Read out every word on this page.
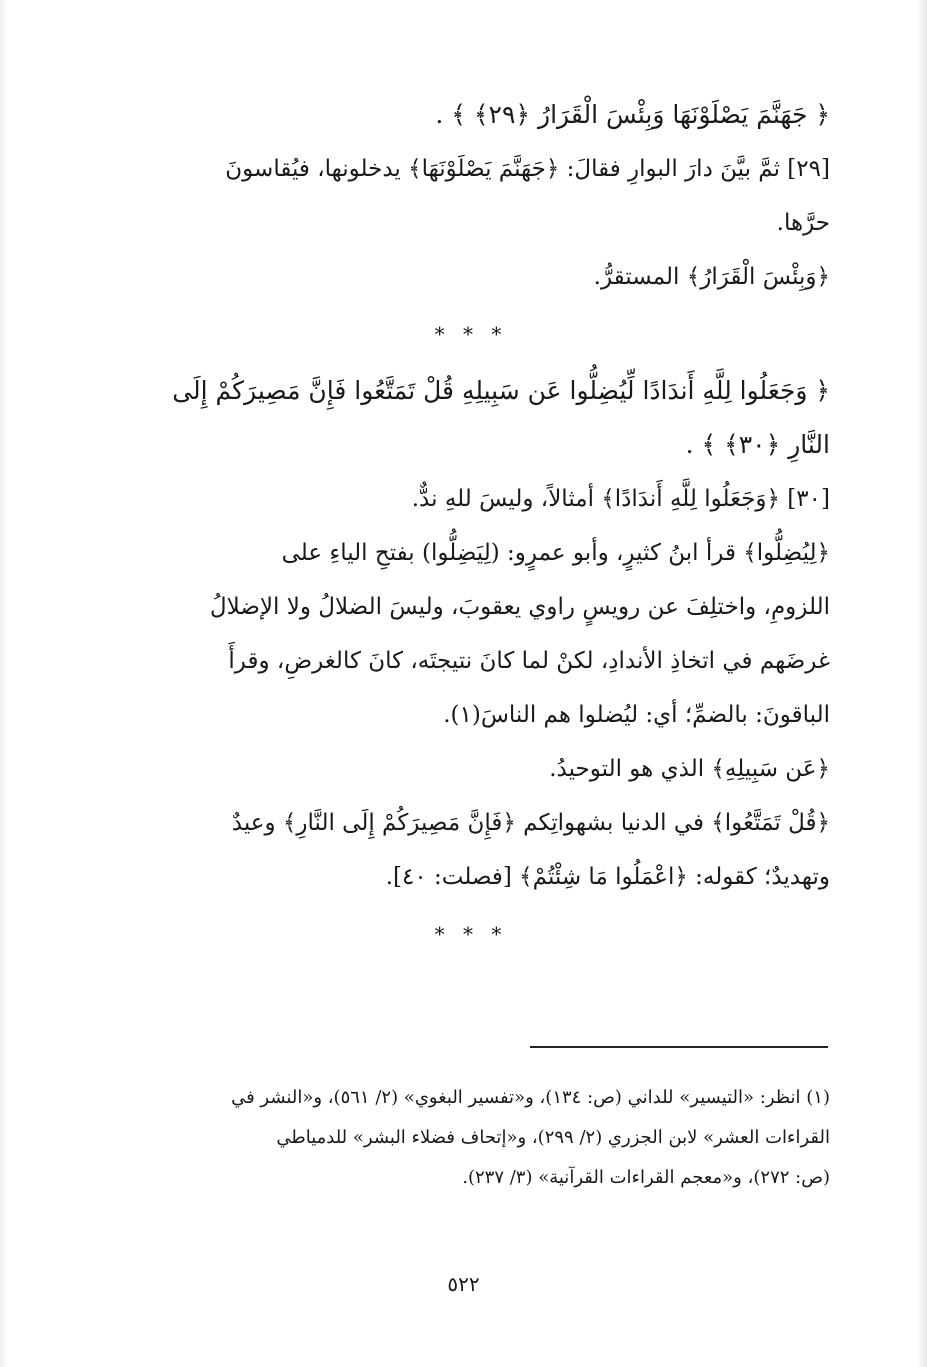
﴿ جَهَنَّمَ يَصْلَوْنَهَا وَبِئْسَ الْقَرَارُ ﴿٢٩﴾ ﴾ .

[٢٩] ثمَّ بيَّنَ دارَ البوارِ فقالَ: ﴿جَهَنَّمَ يَصْلَوْنَهَا﴾ يدخلونها، فيُقاسونَ

حرَّها.

﴿وَبِئْسَ الْقَرَارُ﴾ المستقرُّ.

* * *

﴿ وَجَعَلُوا لِلَّهِ أَندَادًا لِّيُضِلُّوا عَن سَبِيلِهِ قُلْ تَمَتَّعُوا فَإِنَّ مَصِيرَكُمْ إِلَى

النَّارِ ﴿٣٠﴾ ﴾ .

[٣٠] ﴿وَجَعَلُوا لِلَّهِ أَندَادًا﴾ أمثالاً، وليسَ للهِ ندٌّ.

﴿لِيُضِلُّوا﴾ قرأ ابنُ كثيرٍ، وأبو عمرٍو: (لِيَضِلُّوا) بفتحِ الياءِ على

اللزومِ، واختلِفَ عن رويسٍ راوي يعقوبَ، وليسَ الضلالُ ولا الإضلالُ

غرضَهم في اتخاذِ الأندادِ، لكنْ لما كانَ نتيجتَه، كانَ كالغرضِ، وقرأَ

الباقونَ: بالضمِّ؛ أي: ليُضلوا هم الناسَ(١).

﴿عَن سَبِيلِهِ﴾ الذي هو التوحيدُ.

﴿قُلْ تَمَتَّعُوا﴾ في الدنيا بشهواتِكم ﴿فَإِنَّ مَصِيرَكُمْ إِلَى النَّارِ﴾ وعيدٌ

وتهديدٌ؛ كقوله: ﴿اعْمَلُوا مَا شِئْتُمْ﴾ [فصلت: ٤٠].

* * *

(١) انظر: «التيسير» للداني (ص: ١٣٤)، و«تفسير البغوي» (٢/ ٥٦١)، و«النشر في

القراءات العشر» لابن الجزري (٢/ ٢٩٩)، و«إتحاف فضلاء البشر» للدمياطي

(ص: ٢٧٢)، و«معجم القراءات القرآنية» (٣/ ٢٣٧).

٥٢٢
